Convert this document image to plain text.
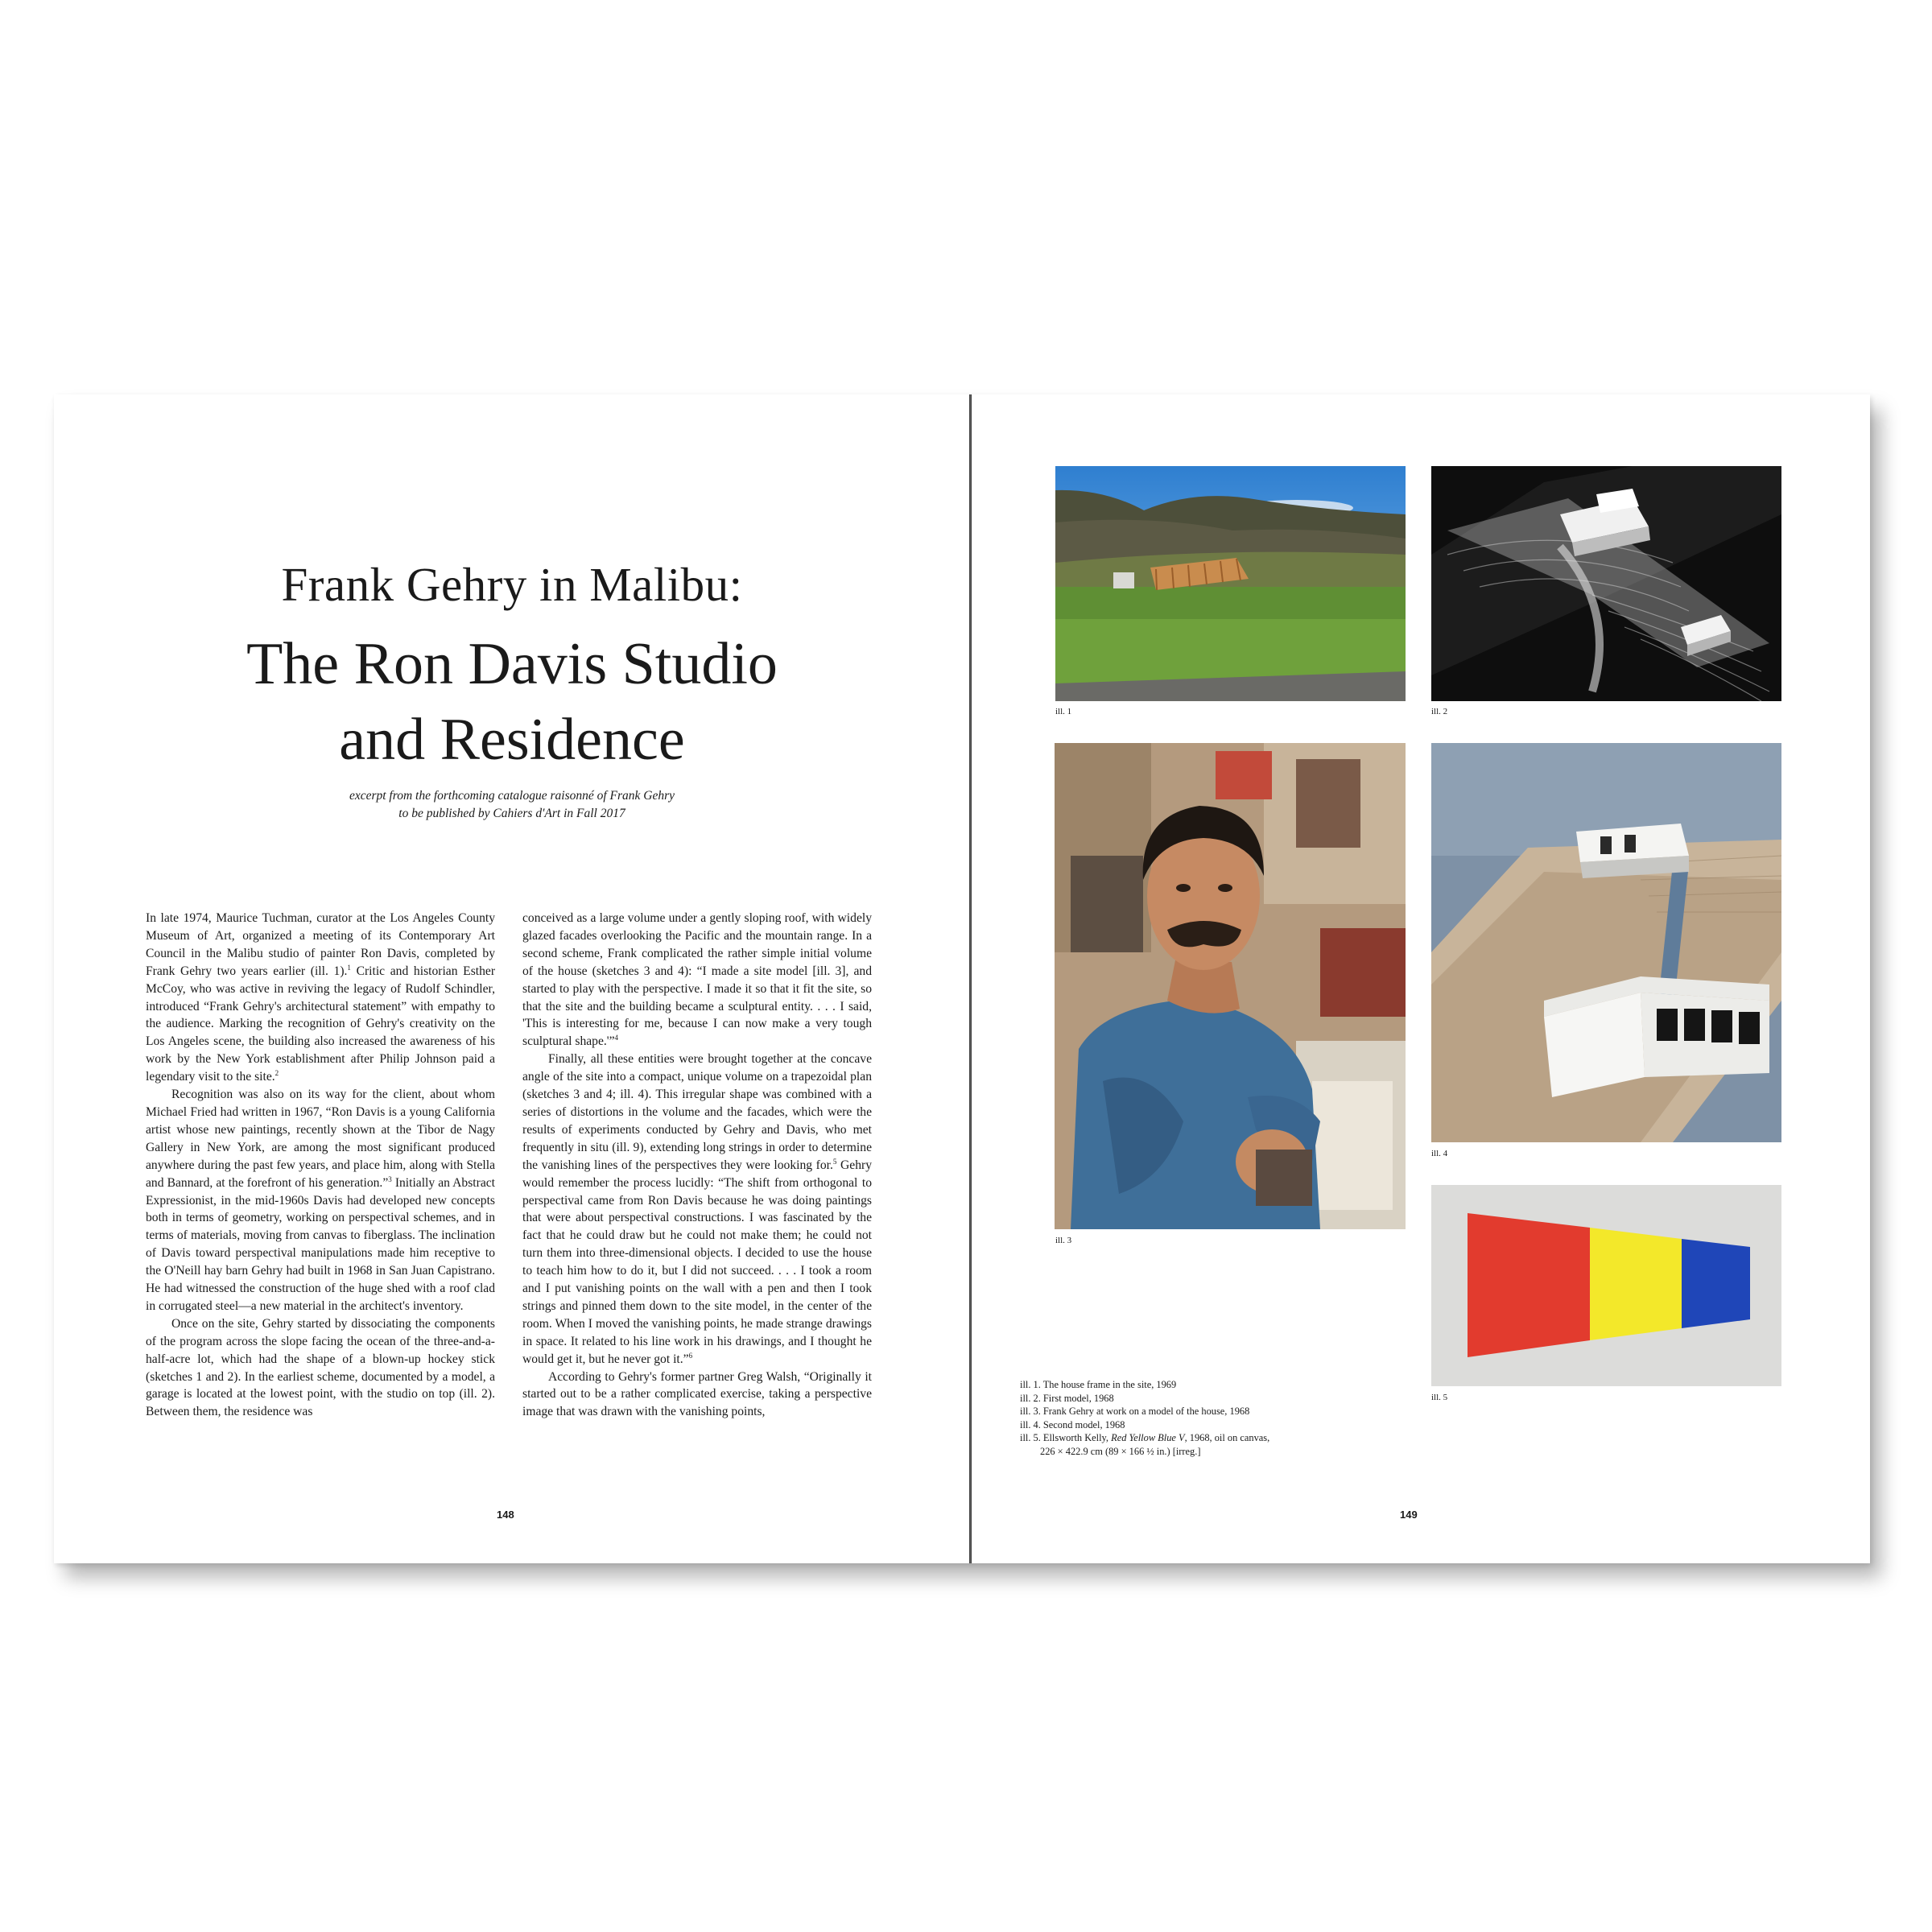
Frank Gehry in Malibu:
The Ron Davis Studio
and Residence
excerpt from the forthcoming catalogue raisonné of Frank Gehry
to be published by Cahiers d'Art in Fall 2017

In late 1974, Maurice Tuchman, curator at the Los Angeles County Museum of Art, organized a meeting of its Contemporary Art Council in the Malibu studio of painter Ron Davis, completed by Frank Gehry two years earlier (ill. 1).$^1$ Critic and historian Esther McCoy, who was active in reviving the legacy of Rudolf Schindler, introduced “Frank Gehry's architectural statement” with empathy to the audience. Marking the recognition of Gehry's creativity on the Los Angeles scene, the building also increased the awareness of his work by the New York establishment after Philip Johnson paid a legendary visit to the site.$^2$

Recognition was also on its way for the client, about whom Michael Fried had written in 1967, “Ron Davis is a young California artist whose new paintings, recently shown at the Tibor de Nagy Gallery in New York, are among the most significant produced anywhere during the past few years, and place him, along with Stella and Bannard, at the forefront of his generation.”$^3$ Initially an Abstract Expressionist, in the mid-1960s Davis had developed new concepts both in terms of geometry, working on perspectival schemes, and in terms of materials, moving from canvas to fiberglass. The inclination of Davis toward perspectival manipulations made him receptive to the O'Neill hay barn Gehry had built in 1968 in San Juan Capistrano. He had witnessed the construction of the huge shed with a roof clad in corrugated steel—a new material in the architect's inventory.

Once on the site, Gehry started by dissociating the components of the program across the slope facing the ocean of the three-and-a-half-acre lot, which had the shape of a blown-up hockey stick (sketches 1 and 2). In the earliest scheme, documented by a model, a garage is located at the lowest point, with the studio on top (ill. 2). Between them, the residence was

conceived as a large volume under a gently sloping roof, with widely glazed facades overlooking the Pacific and the mountain range. In a second scheme, Frank complicated the rather simple initial volume of the house (sketches 3 and 4): “I made a site model [ill. 3], and started to play with the perspective. I made it so that it fit the site, so that the site and the building became a sculptural entity. . . . I said, 'This is interesting for me, because I can now make a very tough sculptural shape.'”$^4$

Finally, all these entities were brought together at the concave angle of the site into a compact, unique volume on a trapezoidal plan (sketches 3 and 4; ill. 4). This irregular shape was combined with a series of distortions in the volume and the facades, which were the results of experiments conducted by Gehry and Davis, who met frequently in situ (ill. 9), extending long strings in order to determine the vanishing lines of the perspectives they were looking for.$^5$ Gehry would remember the process lucidly: “The shift from orthogonal to perspectival came from Ron Davis because he was doing paintings that were about perspectival constructions. I was fascinated by the fact that he could draw but he could not make them; he could not turn them into three-dimensional objects. I decided to use the house to teach him how to do it, but I did not succeed. . . . I took a room and I put vanishing points on the wall with a pen and then I took strings and pinned them down to the site model, in the center of the room. When I moved the vanishing points, he made strange drawings in space. It related to his line work in his drawings, and I thought he would get it, but he never got it.”$^6$

According to Gehry's former partner Greg Walsh, “Originally it started out to be a rather complicated exercise, taking a perspective image that was drawn with the vanishing points,

148
ill. 1	ill. 2
ill. 3
ill. 4
ill. 5
ill. 1. The house frame in the site, 1969
ill. 2. First model, 1968
ill. 3. Frank Gehry at work on a model of the house, 1968
ill. 4. Second model, 1968
ill. 5. Ellsworth Kelly, Red Yellow Blue V, 1968, oil on canvas,
226 × 422.9 cm (89 × 166 ½ in.) [irreg.]
149
